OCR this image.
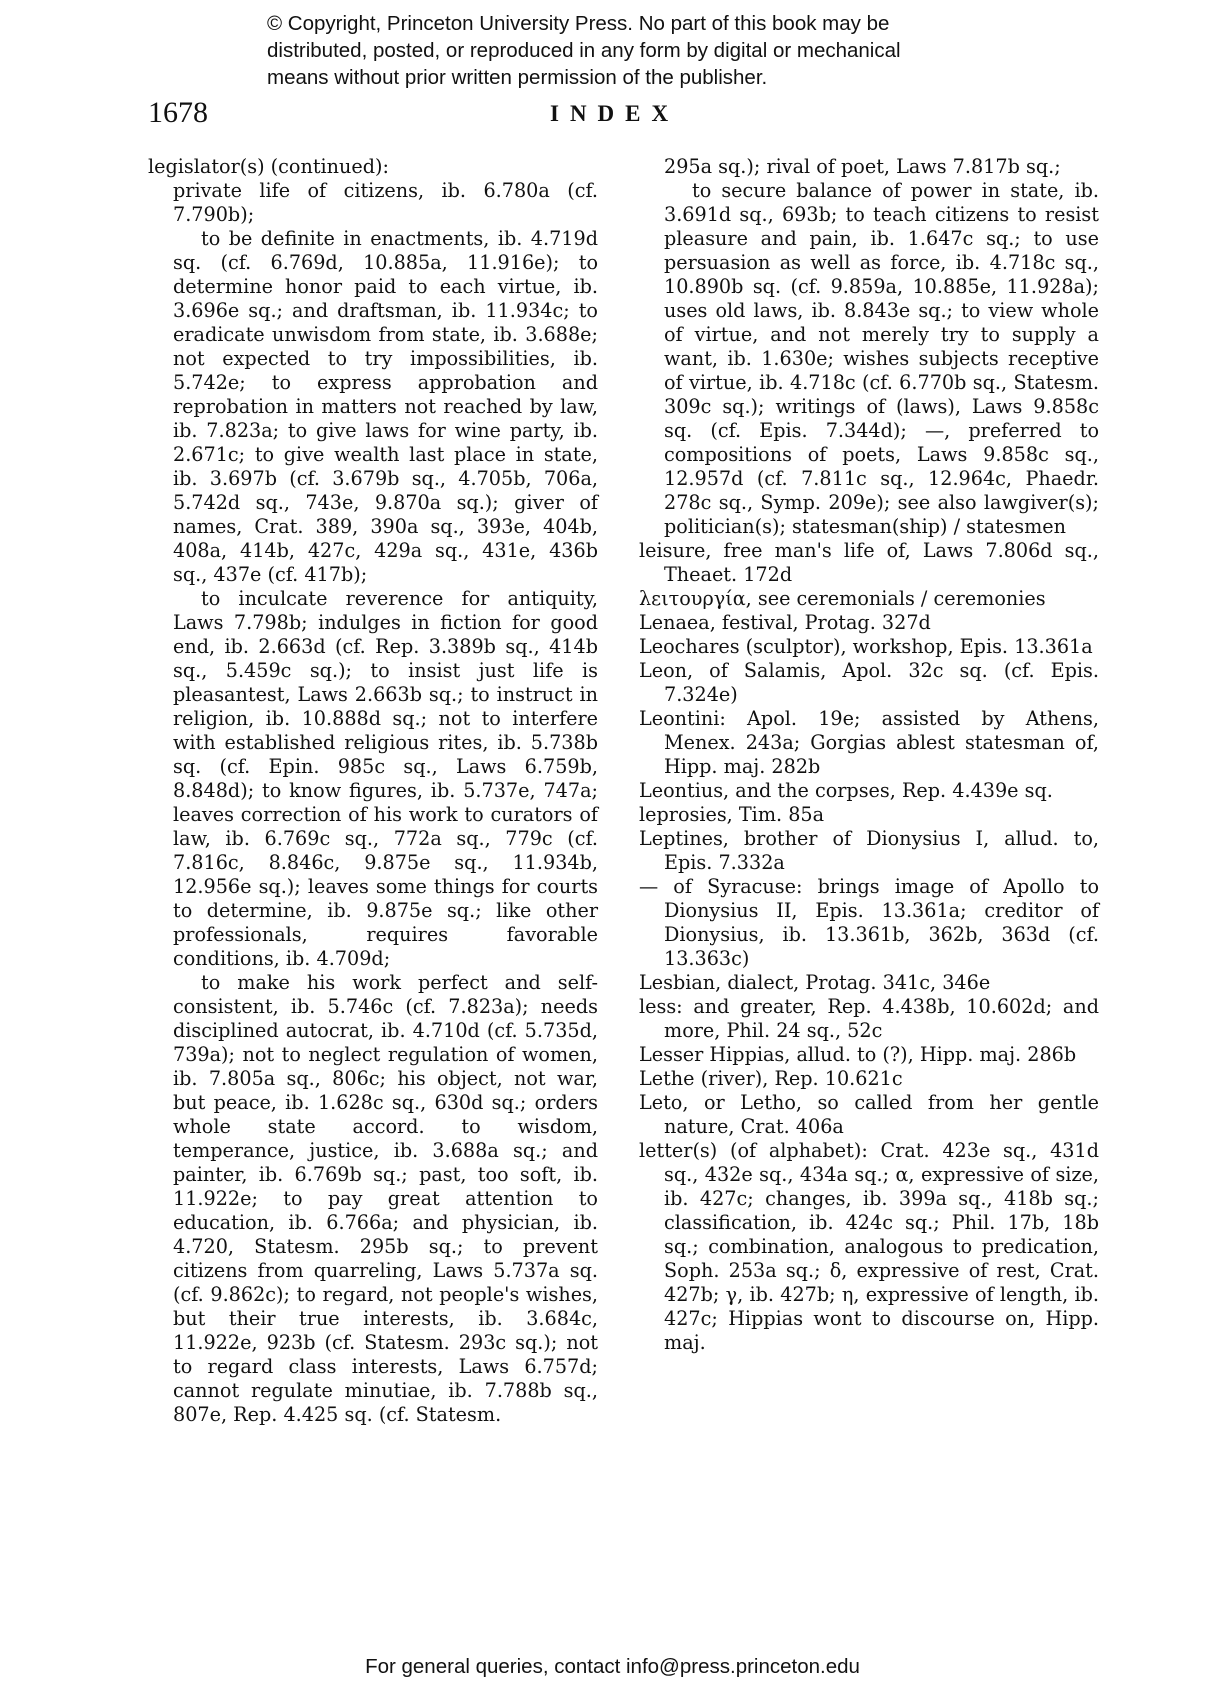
© Copyright, Princeton University Press. No part of this book may be
distributed, posted, or reproduced in any form by digital or mechanical
means without prior written permission of the publisher.
1678	INDEX

legislator(s) (continued):

private life of citizens, ib. 6.780a (cf. 7.790b);

to be definite in enactments, ib. 4.719d sq. (cf. 6.769d, 10.885a, 11.916e); to determine honor paid to each virtue, ib. 3.696e sq.; and draftsman, ib. 11.934c; to eradicate unwisdom from state, ib. 3.688e; not expected to try impossibilities, ib. 5.742e; to express approbation and reprobation in matters not reached by law, ib. 7.823a; to give laws for wine party, ib. 2.671c; to give wealth last place in state, ib. 3.697b (cf. 3.679b sq., 4.705b, 706a, 5.742d sq., 743e, 9.870a sq.); giver of names, Crat. 389, 390a sq., 393e, 404b, 408a, 414b, 427c, 429a sq., 431e, 436b sq., 437e (cf. 417b);

to inculcate reverence for antiquity, Laws 7.798b; indulges in fiction for good end, ib. 2.663d (cf. Rep. 3.389b sq., 414b sq., 5.459c sq.); to insist just life is pleasantest, Laws 2.663b sq.; to instruct in religion, ib. 10.888d sq.; not to interfere with established religious rites, ib. 5.738b sq. (cf. Epin. 985c sq., Laws 6.759b, 8.848d); to know figures, ib. 5.737e, 747a; leaves correction of his work to curators of law, ib. 6.769c sq., 772a sq., 779c (cf. 7.816c, 8.846c, 9.875e sq., 11.934b, 12.956e sq.); leaves some things for courts to determine, ib. 9.875e sq.; like other professionals, requires favorable conditions, ib. 4.709d;

to make his work perfect and self-consistent, ib. 5.746c (cf. 7.823a); needs disciplined autocrat, ib. 4.710d (cf. 5.735d, 739a); not to neglect regulation of women, ib. 7.805a sq., 806c; his object, not war, but peace, ib. 1.628c sq., 630d sq.; orders whole state accord. to wisdom, temperance, justice, ib. 3.688a sq.; and painter, ib. 6.769b sq.; past, too soft, ib. 11.922e; to pay great attention to education, ib. 6.766a; and physician, ib. 4.720, Statesm. 295b sq.; to prevent citizens from quarreling, Laws 5.737a sq. (cf. 9.862c); to regard, not people's wishes, but their true interests, ib. 3.684c, 11.922e, 923b (cf. Statesm. 293c sq.); not to regard class interests, Laws 6.757d; cannot regulate minutiae, ib. 7.788b sq., 807e, Rep. 4.425 sq. (cf. Statesm.

295a sq.); rival of poet, Laws 7.817b sq.;

to secure balance of power in state, ib. 3.691d sq., 693b; to teach citizens to resist pleasure and pain, ib. 1.647c sq.; to use persuasion as well as force, ib. 4.718c sq., 10.890b sq. (cf. 9.859a, 10.885e, 11.928a); uses old laws, ib. 8.843e sq.; to view whole of virtue, and not merely try to supply a want, ib. 1.630e; wishes subjects receptive of virtue, ib. 4.718c (cf. 6.770b sq., Statesm. 309c sq.); writings of (laws), Laws 9.858c sq. (cf. Epis. 7.344d); —, preferred to compositions of poets, Laws 9.858c sq., 12.957d (cf. 7.811c sq., 12.964c, Phaedr. 278c sq., Symp. 209e); see also lawgiver(s); politician(s); statesman(ship) / statesmen

leisure, free man's life of, Laws 7.806d sq., Theaet. 172d

λειτουργία, see ceremonials / ceremonies

Lenaea, festival, Protag. 327d

Leochares (sculptor), workshop, Epis. 13.361a

Leon, of Salamis, Apol. 32c sq. (cf. Epis. 7.324e)

Leontini: Apol. 19e; assisted by Athens, Menex. 243a; Gorgias ablest statesman of, Hipp. maj. 282b

Leontius, and the corpses, Rep. 4.439e sq.

leprosies, Tim. 85a

Leptines, brother of Dionysius I, allud. to, Epis. 7.332a

— of Syracuse: brings image of Apollo to Dionysius II, Epis. 13.361a; creditor of Dionysius, ib. 13.361b, 362b, 363d (cf. 13.363c)

Lesbian, dialect, Protag. 341c, 346e

less: and greater, Rep. 4.438b, 10.602d; and more, Phil. 24 sq., 52c

Lesser Hippias, allud. to (?), Hipp. maj. 286b

Lethe (river), Rep. 10.621c

Leto, or Letho, so called from her gentle nature, Crat. 406a

letter(s) (of alphabet): Crat. 423e sq., 431d sq., 432e sq., 434a sq.; α, expressive of size, ib. 427c; changes, ib. 399a sq., 418b sq.; classification, ib. 424c sq.; Phil. 17b, 18b sq.; combination, analogous to predication, Soph. 253a sq.; δ, expressive of rest, Crat. 427b; γ, ib. 427b; η, expressive of length, ib. 427c; Hippias wont to discourse on, Hipp. maj.

For general queries, contact info@press.princeton.edu
